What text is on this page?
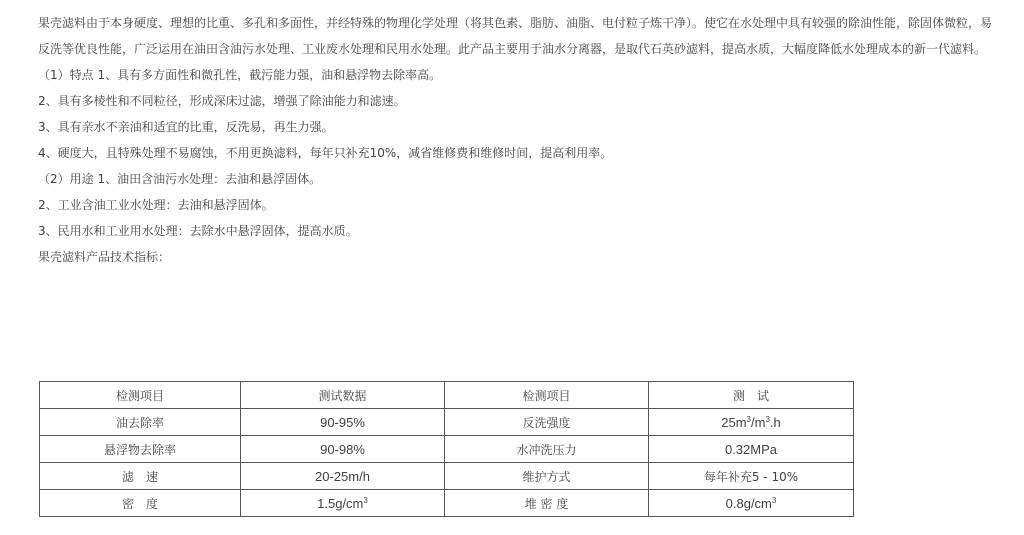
果壳滤料由于本身硬度、理想的比重、多孔和多面性，并经特殊的物理化学处理（将其色素、脂肪、油脂、电付粒子炼干净）。使它在水处理中具有较强的除油性能，除固体微粒，易反洗等优良性能，广泛运用在油田含油污水处理、工业废水处理和民用水处理。此产品主要用于油水分离器，是取代石英砂滤料，提高水质，大幅度降低水处理成本的新一代滤料。

（1）特点 1、具有多方面性和微孔性，截污能力强，油和悬浮物去除率高。

2、具有多棱性和不同粒径，形成深床过滤，增强了除油能力和滤速。

3、具有亲水不亲油和适宜的比重，反洗易，再生力强。

4、硬度大，且特殊处理不易腐蚀，不用更换滤料，每年只补充10%，减省维修费和维修时间，提高利用率。

（2）用途 1、油田含油污水处理：去油和悬浮固体。

2、工业含油工业水处理：去油和悬浮固体。

3、民用水和工业用水处理：去除水中悬浮固体，提高水质。

果壳滤料产品技术指标：

检测项目	测试数据	检测项目	测　试
油去除率	90-95%	反洗强度	$25m^3/m^3.h$
悬浮物去除率	90-98%	水冲洗压力	0.32MPa
滤　速	20-25m/h	维护方式	每年补充5 - 10%
密　度	$1.5g/cm^3$	堆 密 度	$0.8g/cm^3$
